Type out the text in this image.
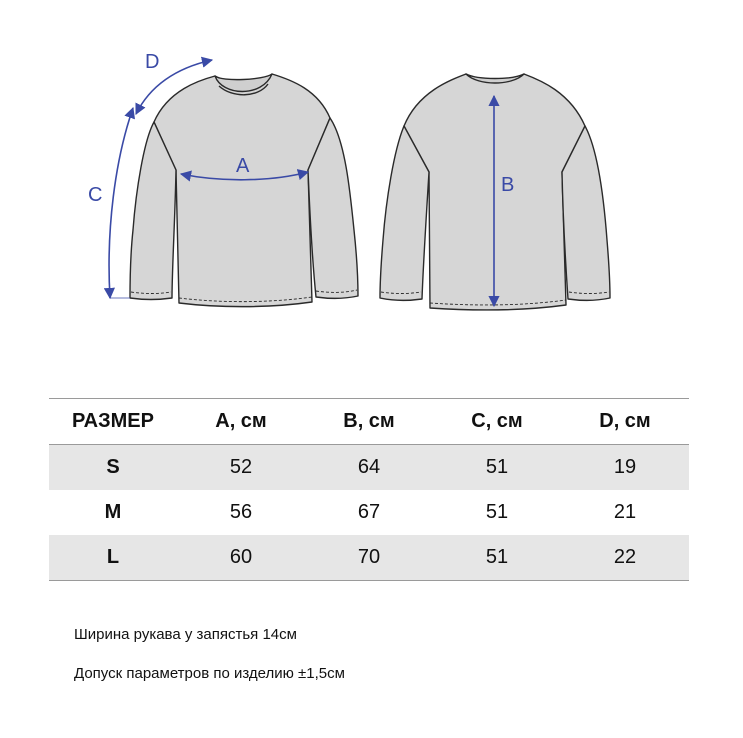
A
B
C
D
РАЗМЕР	A, см	B, см	C, см	D, см
S	52	64	51	19
M	56	67	51	21
L	60	70	51	22
Ширина рукава у запястья 14см
Допуск параметров по изделию ±1,5см
